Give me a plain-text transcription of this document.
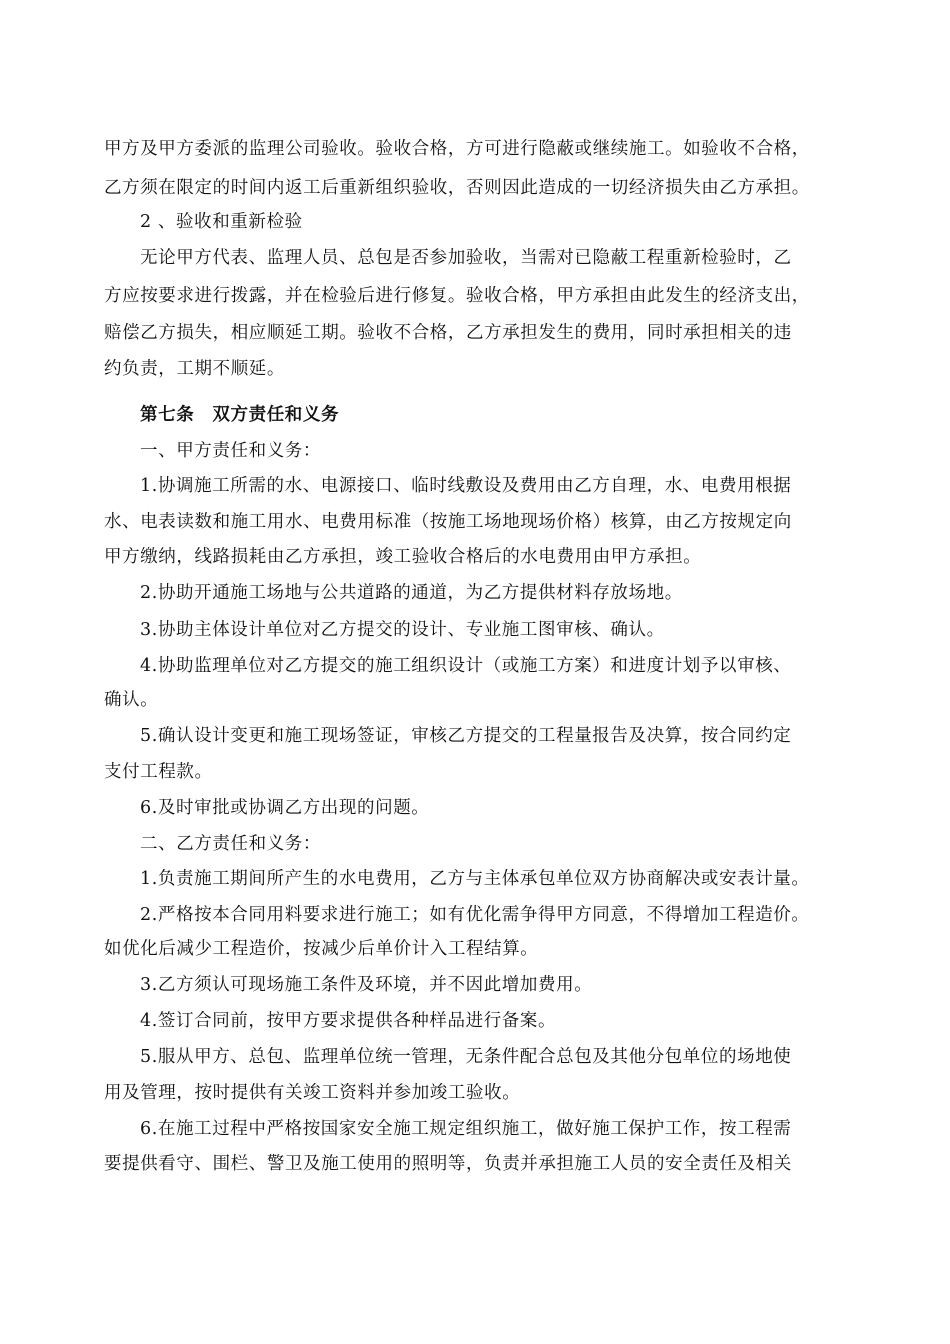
甲方及甲方委派的监理公司验收。验收合格，方可进行隐蔽或继续施工。如验收不合格，
乙方须在限定的时间内返工后重新组织验收，否则因此造成的一切经济损失由乙方承担。
2 、验收和重新检验
无论甲方代表、监理人员、总包是否参加验收，当需对已隐蔽工程重新检验时，乙
方应按要求进行拨露，并在检验后进行修复。验收合格，甲方承担由此发生的经济支出，
赔偿乙方损失，相应顺延工期。验收不合格，乙方承担发生的费用，同时承担相关的违
约负责，工期不顺延。
第七条　双方责任和义务
一、甲方责任和义务：
1.协调施工所需的水、电源接口、临时线敷设及费用由乙方自理，水、电费用根据
水、电表读数和施工用水、电费用标准（按施工场地现场价格）核算，由乙方按规定向
甲方缴纳，线路损耗由乙方承担，竣工验收合格后的水电费用由甲方承担。
2.协助开通施工场地与公共道路的通道，为乙方提供材料存放场地。
3.协助主体设计单位对乙方提交的设计、专业施工图审核、确认。
4.协助监理单位对乙方提交的施工组织设计（或施工方案）和进度计划予以审核、
确认。
5.确认设计变更和施工现场签证，审核乙方提交的工程量报告及决算，按合同约定
支付工程款。
6.及时审批或协调乙方出现的问题。
二、乙方责任和义务：
1.负责施工期间所产生的水电费用，乙方与主体承包单位双方协商解决或安表计量。
2.严格按本合同用料要求进行施工；如有优化需争得甲方同意，不得增加工程造价。
如优化后减少工程造价，按减少后单价计入工程结算。
3.乙方须认可现场施工条件及环境，并不因此增加费用。
4.签订合同前，按甲方要求提供各种样品进行备案。
5.服从甲方、总包、监理单位统一管理，无条件配合总包及其他分包单位的场地使
用及管理，按时提供有关竣工资料并参加竣工验收。
6.在施工过程中严格按国家安全施工规定组织施工，做好施工保护工作，按工程需
要提供看守、围栏、警卫及施工使用的照明等，负责并承担施工人员的安全责任及相关
